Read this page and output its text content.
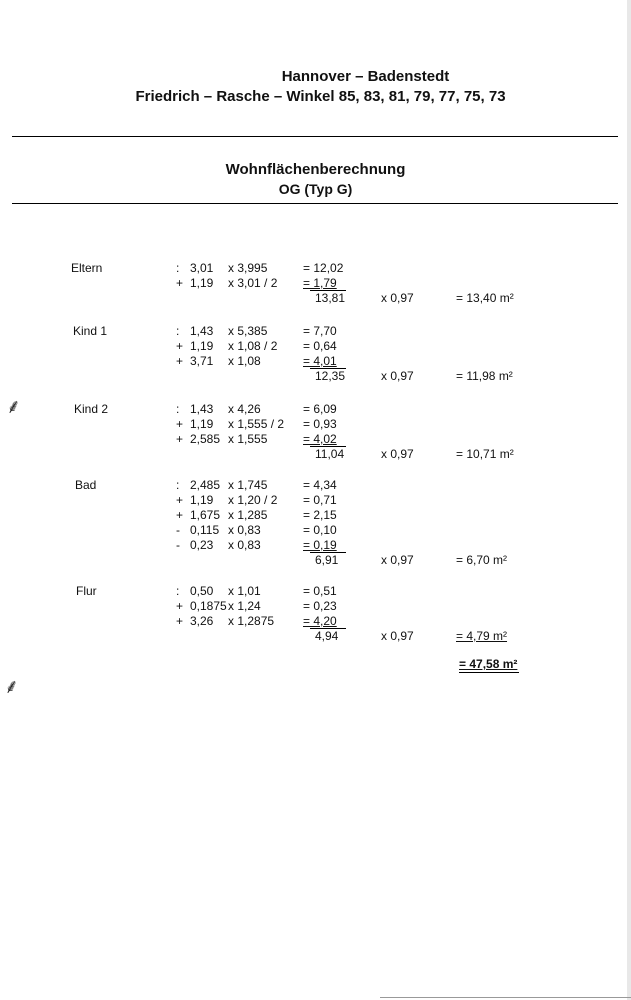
Hannover – Badenstedt
Friedrich – Rasche – Winkel 85, 83, 81, 79, 77, 75, 73
Wohnflächenberechnung
OG (Typ G)
Eltern	: 3,01 x 3,995	= 12,02
+ 1,19 x 3,01 / 2 = 1,79
13,81	x 0,97	= 13,40 m²
Kind 1	: 1,43 x 5,385	= 7,70
+ 1,19 x 1,08 / 2 = 0,64
+ 3,71 x 1,08	= 4,01
12,35	x 0,97	= 11,98 m²
Kind 2	: 1,43 x 4,26	= 6,09
+ 1,19 x 1,555 / 2 = 0,93
+ 2,585 x 1,555	= 4,02
11,04	x 0,97	= 10,71 m²
Bad	: 2,485 x 1,745	= 4,34
+ 1,19 x 1,20 / 2 = 0,71
+ 1,675 x 1,285	= 2,15
- 0,115 x 0,83	= 0,10
- 0,23 x 0,83	= 0,19
6,91	x 0,97	= 6,70 m²
Flur	: 0,50 x 1,01	= 0,51
+ 0,1875 x 1,24	= 0,23
+ 3,26 x 1,2875 = 4,20
4,94	x 0,97	= 4,79 m²
= 47,58 m²
⸙
⸙
